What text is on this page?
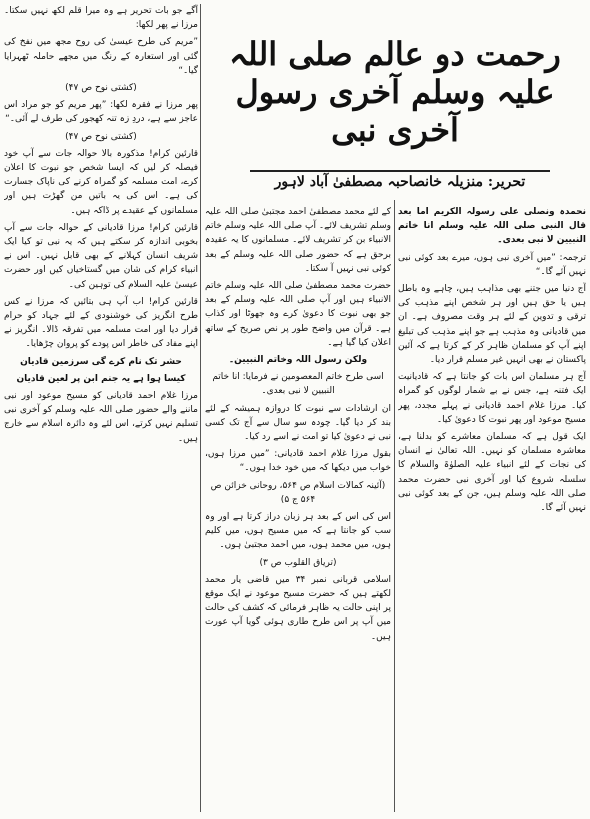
رحمت دو عالم صلی اللہ علیہ وسلم آخری رسول آخری نبی
تحریر: منزیلہ خانصاحبہ مصطفیٰ آباد لاہور

نحمدہ ونصلی علی رسولہ الکریم اما بعد قال النبی صلی اللہ علیہ وسلم انا خاتم النبیین لا نبی بعدی۔

ترجمہ: ”میں آخری نبی ہوں، میرے بعد کوئی نبی نہیں آئے گا۔“

آج دنیا میں جتنے بھی مذاہب ہیں، چاہے وہ باطل ہیں یا حق ہیں اور ہر شخص اپنے مذہب کی ترقی و تدوین کے لئے ہر وقت مصروف ہے۔ ان میں قادیانی وہ مذہب ہے جو اپنے مذہب کی تبلیغ اپنے آپ کو مسلمان ظاہر کر کے کرتا ہے کہ آئین پاکستان نے بھی انہیں غیر مسلم قرار دیا۔

آج ہر مسلمان اس بات کو جانتا ہے کہ قادیانیت ایک فتنہ ہے، جس نے بے شمار لوگوں کو گمراہ کیا۔ مرزا غلام احمد قادیانی نے پہلے مجدد، پھر مسیح موعود اور پھر نبوت کا دعویٰ کیا۔

ایک قول ہے کہ مسلمان معاشرے کو بدلنا ہے، معاشرہ مسلمان کو نہیں۔ اللہ تعالیٰ نے انسان کی نجات کے لئے انبیاء علیہ الصلوٰۃ والسلام کا سلسلہ شروع کیا اور آخری نبی حضرت محمد صلی اللہ علیہ وسلم ہیں، جن کے بعد کوئی نبی نہیں آئے گا۔

کے لئے محمد مصطفیٰ احمد مجتبیٰ صلی اللہ علیہ وسلم تشریف لائے۔ آپ صلی اللہ علیہ وسلم خاتم الانبیاء بن کر تشریف لائے۔ مسلمانوں کا یہ عقیدہ برحق ہے کہ حضور صلی اللہ علیہ وسلم کے بعد کوئی نبی نہیں آ سکتا۔

حضرت محمد مصطفیٰ صلی اللہ علیہ وسلم خاتم الانبیاء ہیں اور آپ صلی اللہ علیہ وسلم کے بعد جو بھی نبوت کا دعویٰ کرے وہ جھوٹا اور کذاب ہے۔ قرآن میں واضح طور پر نص صریح کے ساتھ اعلان کیا گیا ہے۔

ولکن رسول اللہ وخاتم النبیین۔

اسی طرح خاتم المعصومین نے فرمایا: انا خاتم النبیین لا نبی بعدی۔

ان ارشادات سے نبوت کا دروازہ ہمیشہ کے لئے بند کر دیا گیا۔ چودہ سو سال سے آج تک کسی نبی نے دعویٰ کیا تو امت نے اسے رد کیا۔

بقول مرزا غلام احمد قادیانی: ”میں مرزا ہوں، خواب میں دیکھا کہ میں خود خدا ہوں۔“

(آئینہ کمالات اسلام ص ۵۶۴، روحانی خزائن ص ۵۶۴ ج ۵)

اس کی اس کے بعد ہر زبان دراز کرتا ہے اور وہ سب کو جانتا ہے کہ میں مسیح ہوں، میں کلیم ہوں، میں محمد ہوں، میں احمد مجتبیٰ ہوں۔

(تریاق القلوب ص ۳)

اسلامی قربانی نمبر ۳۴ میں قاضی یار محمد لکھتے ہیں کہ حضرت مسیح موعود نے ایک موقع پر اپنی حالت یہ ظاہر فرمائی کہ کشف کی حالت میں آپ پر اس طرح طاری ہوئی گویا آپ عورت ہیں۔

آگے جو بات تحریر ہے وہ میرا قلم لکھ نہیں سکتا۔ مرزا نے پھر لکھا:

”مریم کی طرح عیسیٰ کی روح مجھ میں نفخ کی گئی اور استعارہ کے رنگ میں مجھے حاملہ ٹھہرایا گیا۔“

(کشتی نوح ص ۴۷)

پھر مرزا نے فقرہ لکھا: ”پھر مریم کو جو مراد اس عاجز سے ہے، دردِ زہ تنہ کھجور کی طرف لے آئی۔“

(کشتی نوح ص ۴۷)

قارئین کرام! مذکورہ بالا حوالہ جات سے آپ خود فیصلہ کر لیں کہ ایسا شخص جو نبوت کا اعلان کرے، امت مسلمہ کو گمراہ کرنے کی ناپاک جسارت کی ہے۔ اس کی یہ باتیں من گھڑت ہیں اور مسلمانوں کے عقیدے پر ڈاکہ ہیں۔

قارئین کرام! مرزا قادیانی کے حوالہ جات سے آپ بخوبی اندازہ کر سکتے ہیں کہ یہ نبی تو کیا ایک شریف انسان کہلانے کے بھی قابل نہیں۔ اس نے انبیاء کرام کی شان میں گستاخیاں کیں اور حضرت عیسیٰ علیہ السلام کی توہین کی۔

قارئین کرام! اب آپ ہی بتائیں کہ مرزا نے کس طرح انگریز کی خوشنودی کے لئے جہاد کو حرام قرار دیا اور امت مسلمہ میں تفرقہ ڈالا۔ انگریز نے اپنے مفاد کی خاطر اس پودے کو پروان چڑھایا۔

حشر تک نام کرے گی سرزمین قادیان

کیسا ہوا ہے یہ جنم ابن پر لعین قادیان

مرزا غلام احمد قادیانی کو مسیح موعود اور نبی ماننے والے حضور صلی اللہ علیہ وسلم کو آخری نبی تسلیم نہیں کرتے، اس لئے وہ دائرہ اسلام سے خارج ہیں۔
